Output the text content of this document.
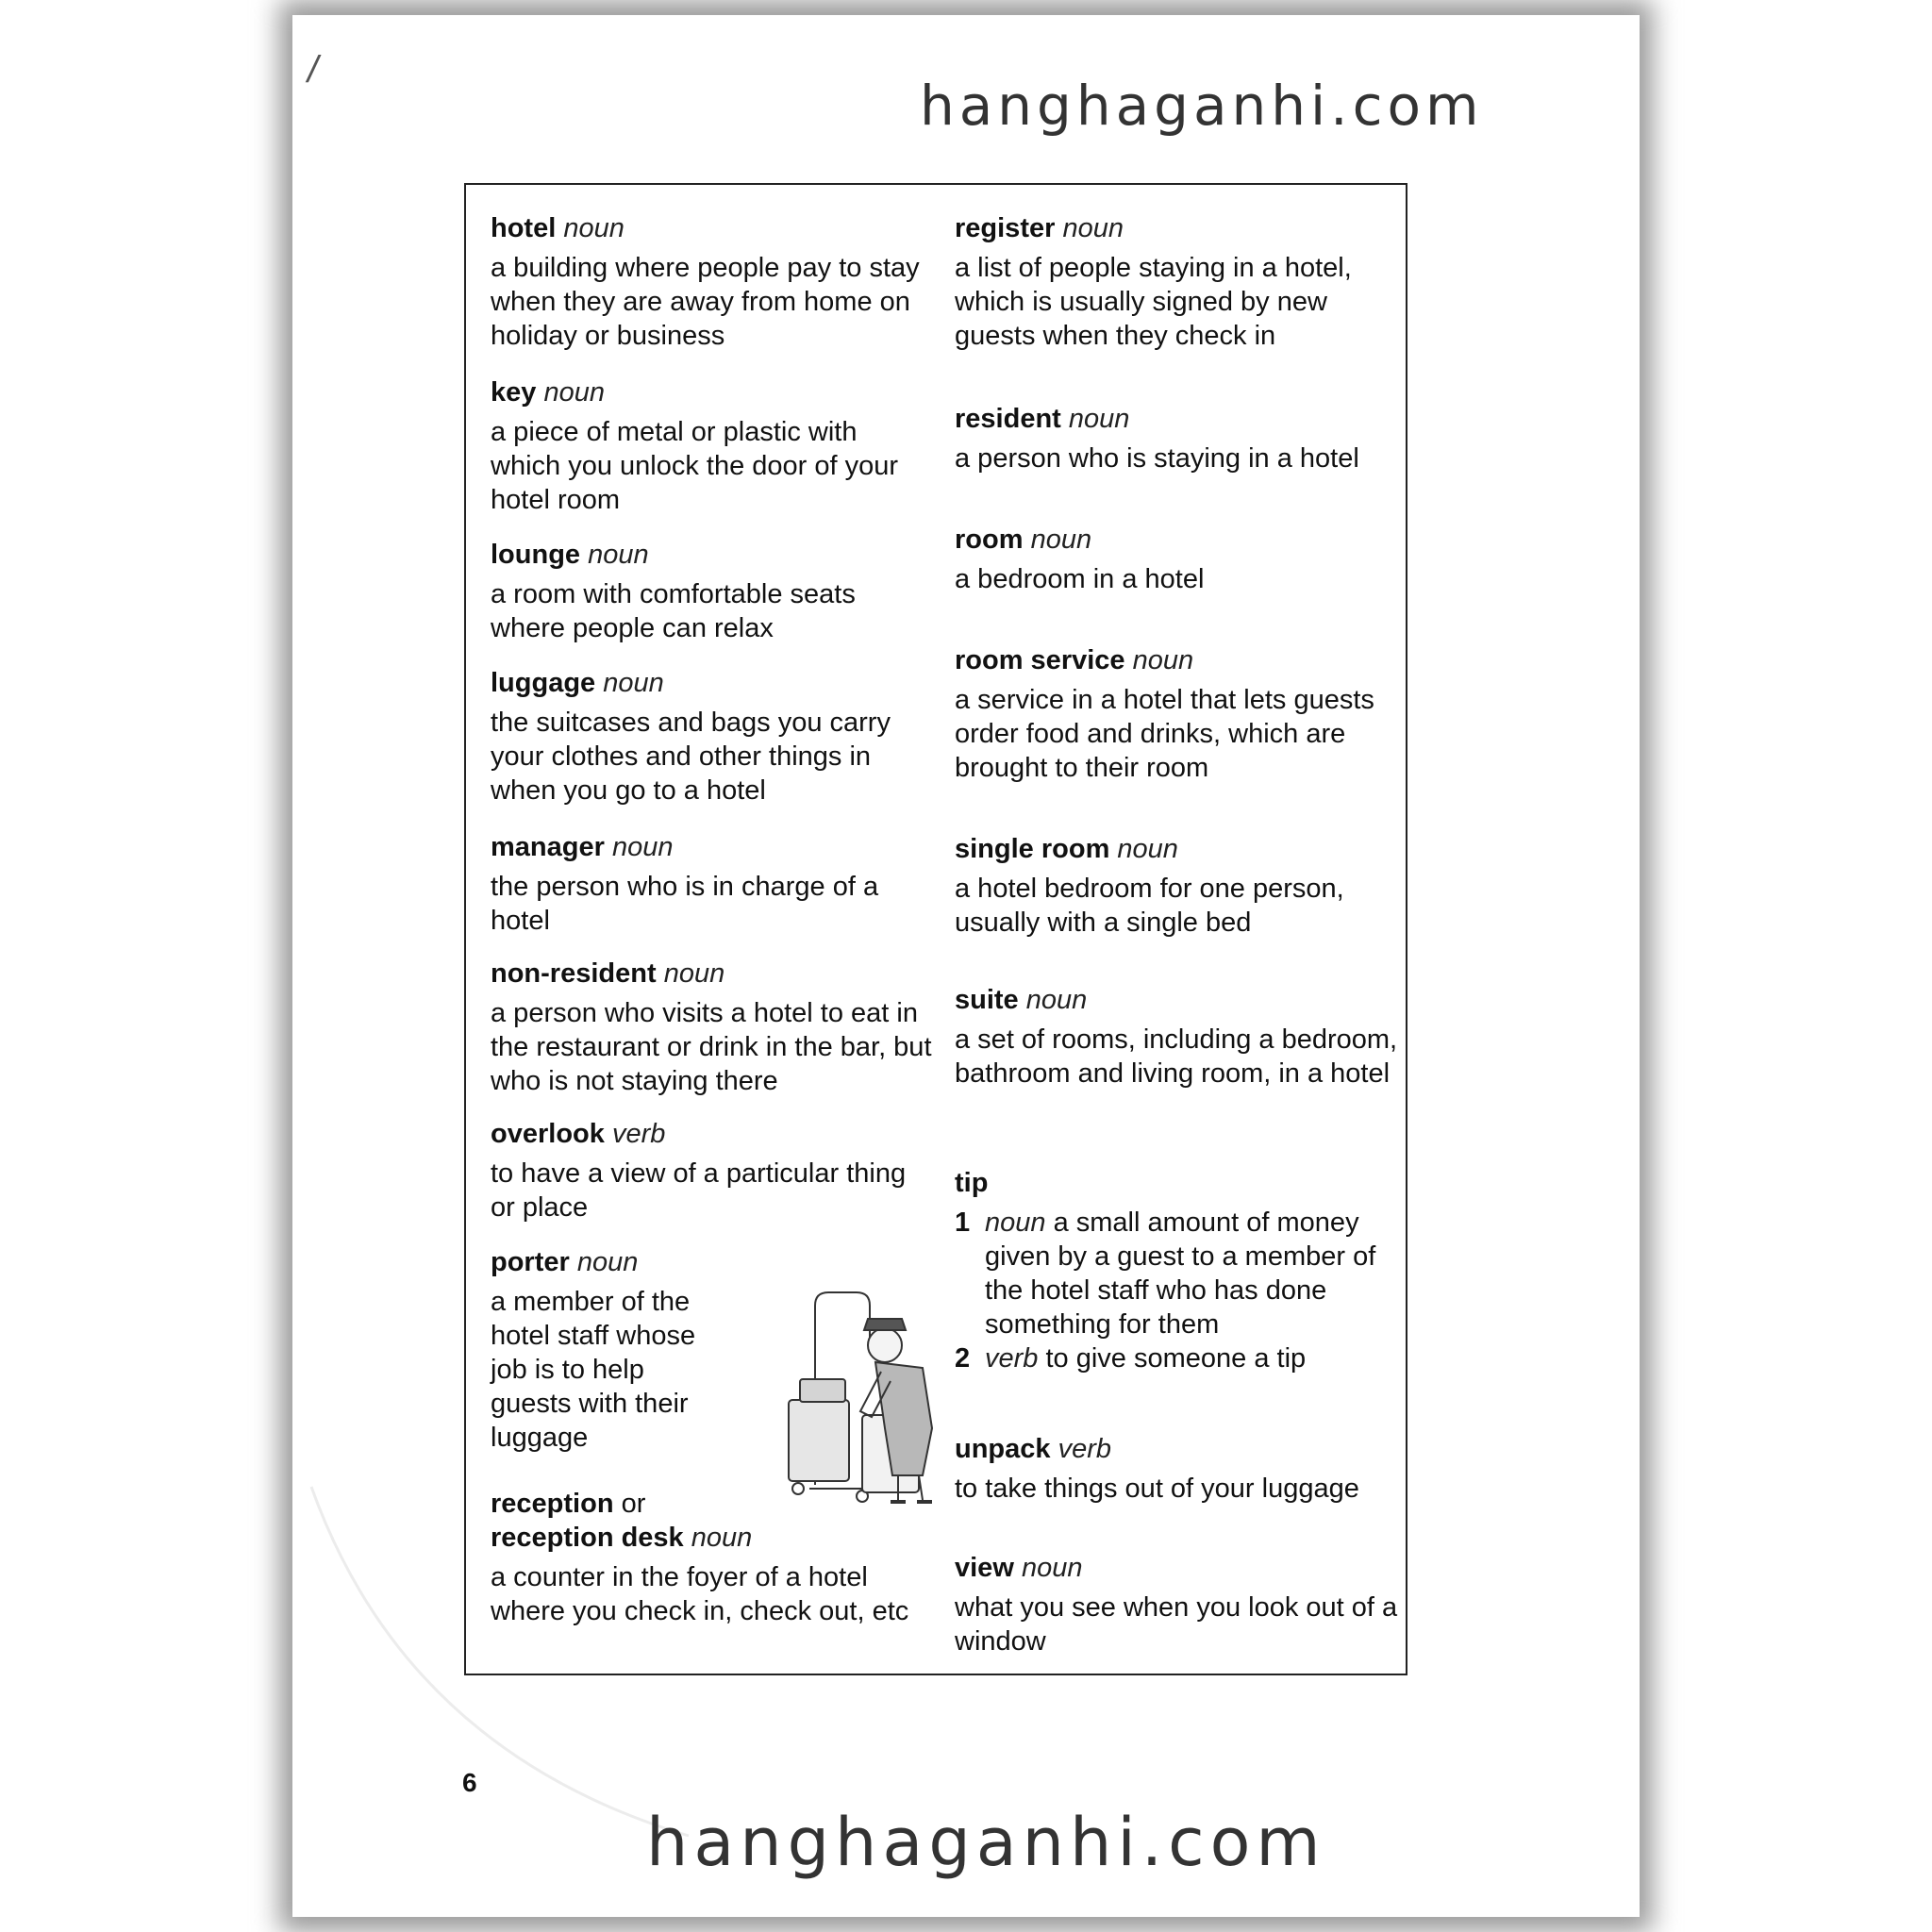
/
hanghaganhi.com
hotel noun
a building where people pay to stay when they are away from home on holiday or business
key noun
a piece of metal or plastic with which you unlock the door of your hotel room
lounge noun
a room with comfortable seats where people can relax
luggage noun
the suitcases and bags you carry your clothes and other things in when you go to a hotel
manager noun
the person who is in charge of a hotel
non-resident noun
a person who visits a hotel to eat in the restaurant or drink in the bar, but who is not staying there
overlook verb
to have a view of a particular thing or place
porter noun
a member of the hotel staff whose job is to help guests with their luggage
reception or
reception desk noun
a counter in the foyer of a hotel where you check in, check out, etc
register noun
a list of people staying in a hotel, which is usually signed by new guests when they check in
resident noun
a person who is staying in a hotel
room noun
a bedroom in a hotel
room service noun
a service in a hotel that lets guests order food and drinks, which are brought to their room
single room noun
a hotel bedroom for one person, usually with a single bed
suite noun
a set of rooms, including a bedroom, bathroom and living room, in a hotel
tip
1 noun a small amount of money given by a guest to a member of the hotel staff who has done something for them
2 verb to give someone a tip
unpack verb
to take things out of your luggage
view noun
what you see when you look out of a window
6
hanghaganhi.com
